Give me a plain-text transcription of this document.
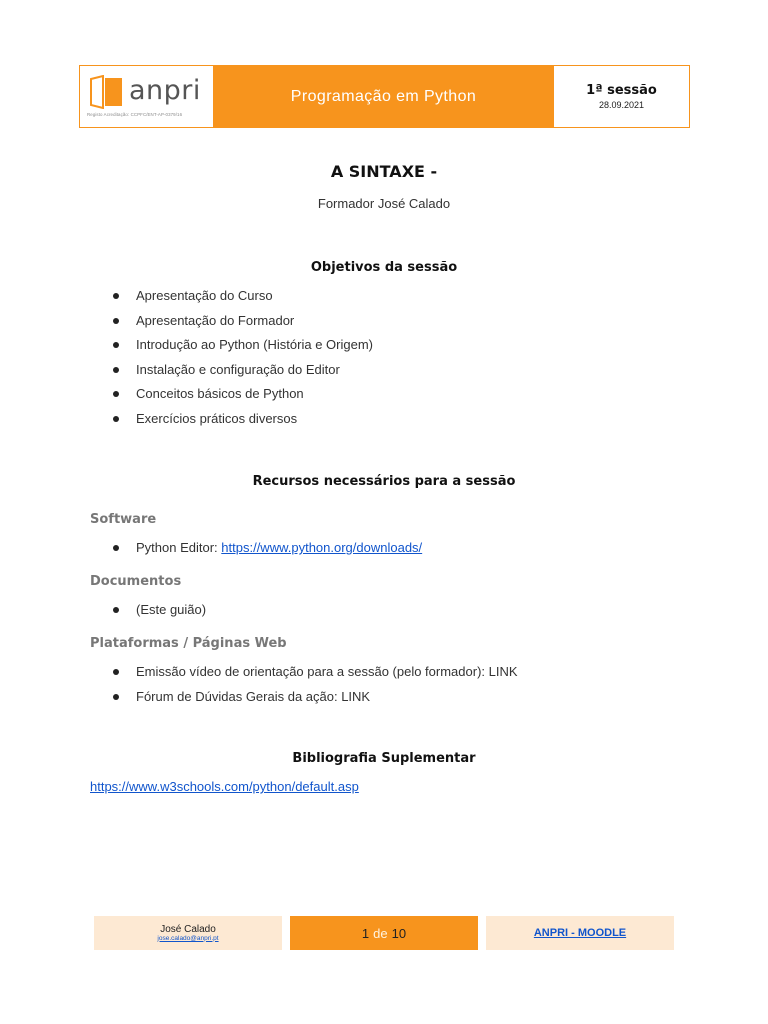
anpri
Registo Acreditação: CCPFC/ENT-AP-0379/16
Programação em Python	1ª sessão
28.09.2021
A SINTAXE -
Formador José Calado
Objetivos da sessão
Apresentação do Curso
Apresentação do Formador
Introdução ao Python (História e Origem)
Instalação e configuração do Editor
Conceitos básicos de Python
Exercícios práticos diversos
Recursos necessários para a sessão
Software
Python Editor: https://www.python.org/downloads/
Documentos
(Este guião)
Plataformas / Páginas Web
Emissão vídeo de orientação para a sessão (pelo formador): LINK
Fórum de Dúvidas Gerais da ação: LINK
Bibliografia Suplementar
https://www.w3schools.com/python/default.asp
José Calado
jose.calado@anpri.pt	1 de 10	ANPRI - MOODLE
